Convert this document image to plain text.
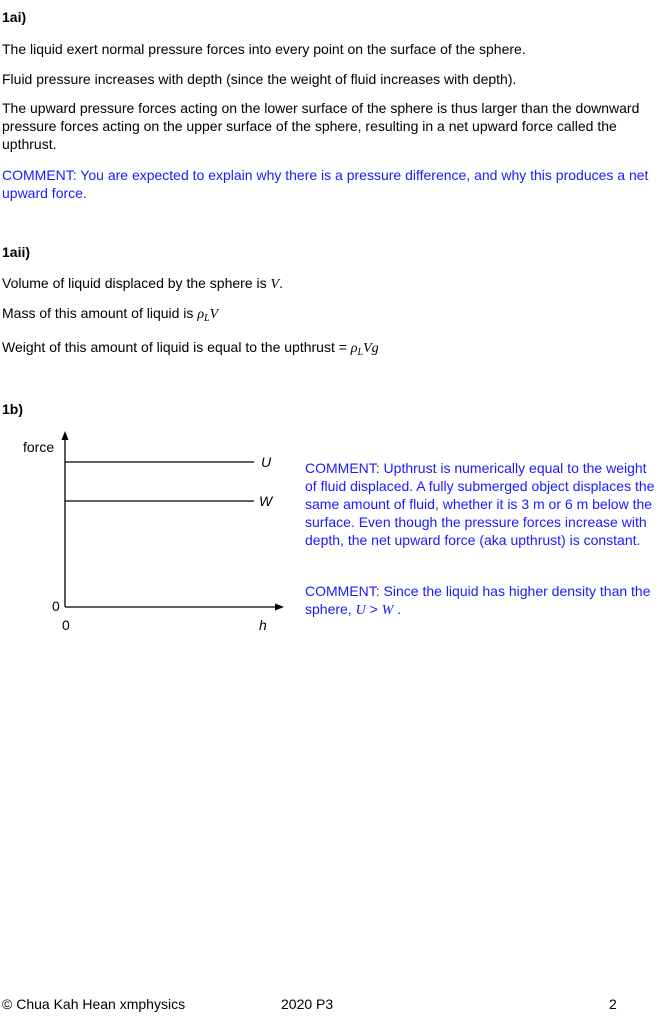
1ai)

The liquid exert normal pressure forces into every point on the surface of the sphere.

Fluid pressure increases with depth (since the weight of fluid increases with depth).

The upward pressure forces acting on the lower surface of the sphere is thus larger than the downward pressure forces acting on the upper surface of the sphere, resulting in a net upward force called the upthrust.

COMMENT: You are expected to explain why there is a pressure difference, and why this produces a net upward force.

1aii)

Volume of liquid displaced by the sphere is V.

Mass of this amount of liquid is $\rho_LV$

Weight of this amount of liquid is equal to the upthrust = $\rho_LVg$

1b)
force
U
W
0
0	h

COMMENT: Upthrust is numerically equal to the weight of fluid displaced. A fully submerged object displaces the same amount of fluid, whether it is 3 m or 6 m below the surface. Even though the pressure forces increase with depth, the net upward force (aka upthrust) is constant.

COMMENT: Since the liquid has higher density than the sphere, U > W .

© Chua Kah Hean xmphysics	2020 P3	2
